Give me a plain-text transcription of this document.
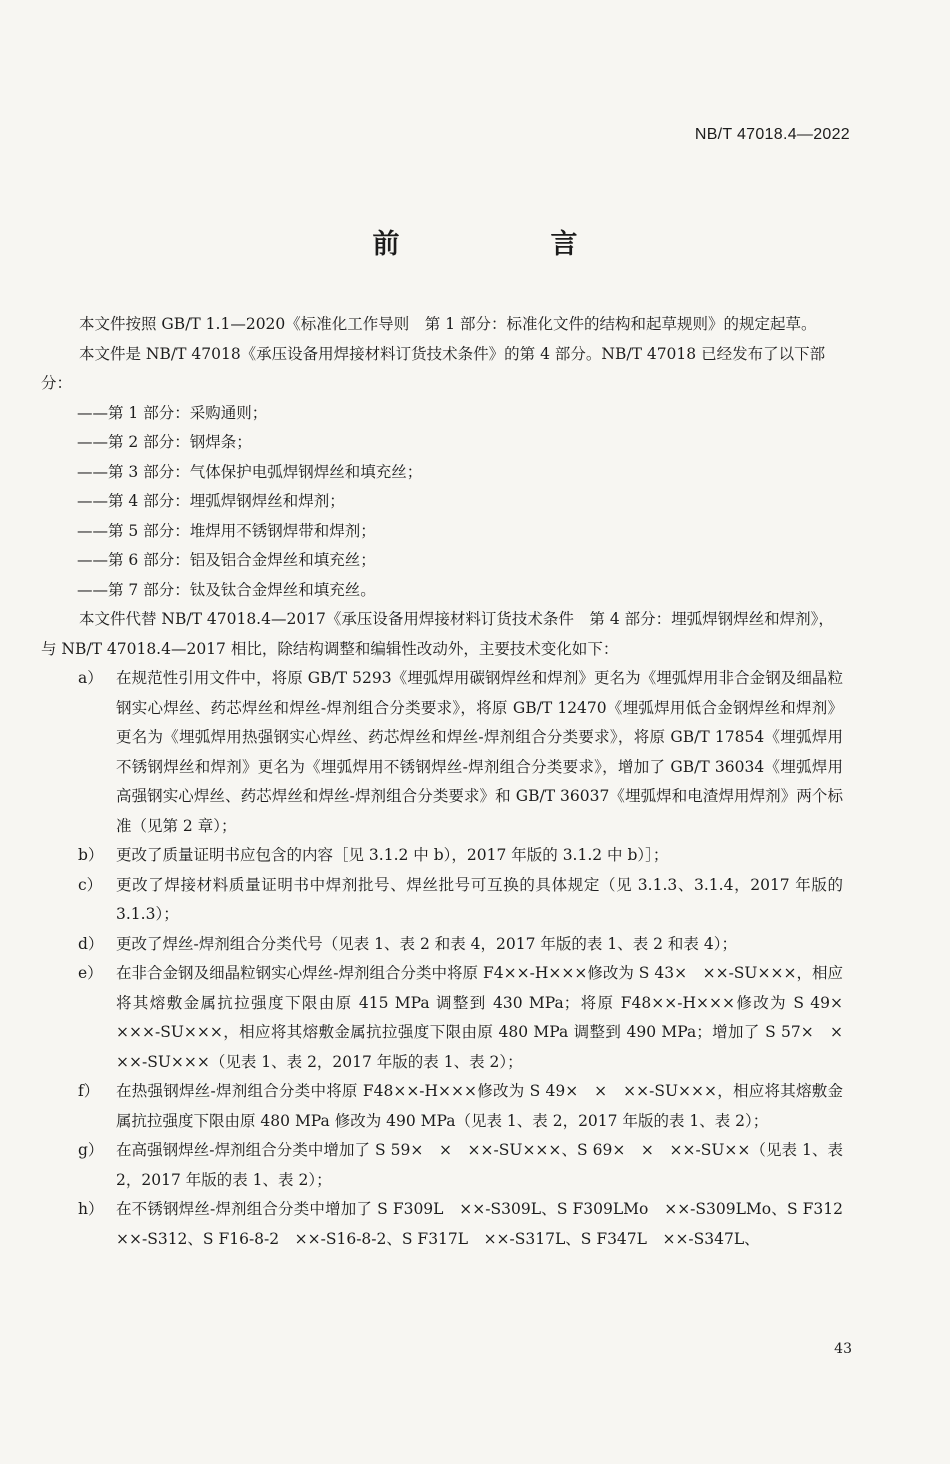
NB/T 47018.4—2022
前　言

本文件按照 GB/T 1.1—2020《标准化工作导则　第 1 部分：标准化文件的结构和起草规则》的规定起草。

本文件是 NB/T 47018《承压设备用焊接材料订货技术条件》的第 4 部分。NB/T 47018 已经发布了以下部分：

——第 1 部分：采购通则；

——第 2 部分：钢焊条；

——第 3 部分：气体保护电弧焊钢焊丝和填充丝；

——第 4 部分：埋弧焊钢焊丝和焊剂；

——第 5 部分：堆焊用不锈钢焊带和焊剂；

——第 6 部分：铝及铝合金焊丝和填充丝；

——第 7 部分：钛及钛合金焊丝和填充丝。

本文件代替 NB/T 47018.4—2017《承压设备用焊接材料订货技术条件　第 4 部分：埋弧焊钢焊丝和焊剂》，与 NB/T 47018.4—2017 相比，除结构调整和编辑性改动外，主要技术变化如下：

a） 在规范性引用文件中，将原 GB/T 5293《埋弧焊用碳钢焊丝和焊剂》更名为《埋弧焊用非合金钢及细晶粒钢实心焊丝、药芯焊丝和焊丝-焊剂组合分类要求》，将原 GB/T 12470《埋弧焊用低合金钢焊丝和焊剂》更名为《埋弧焊用热强钢实心焊丝、药芯焊丝和焊丝-焊剂组合分类要求》，将原 GB/T 17854《埋弧焊用不锈钢焊丝和焊剂》更名为《埋弧焊用不锈钢焊丝-焊剂组合分类要求》，增加了 GB/T 36034《埋弧焊用高强钢实心焊丝、药芯焊丝和焊丝-焊剂组合分类要求》和 GB/T 36037《埋弧焊和电渣焊用焊剂》两个标准（见第 2 章）；
b） 更改了质量证明书应包含的内容［见 3.1.2 中 b），2017 年版的 3.1.2 中 b）］；
c） 更改了焊接材料质量证明书中焊剂批号、焊丝批号可互换的具体规定（见 3.1.3、3.1.4，2017 年版的 3.1.3）；
d） 更改了焊丝-焊剂组合分类代号（见表 1、表 2 和表 4，2017 年版的表 1、表 2 和表 4）；
e） 在非合金钢及细晶粒钢实心焊丝-焊剂组合分类中将原 F4××-H×××修改为 S 43×　××-SU×××，相应将其熔敷金属抗拉强度下限由原 415 MPa 调整到 430 MPa；将原 F48××-H×××修改为 S 49×　×××-SU×××，相应将其熔敷金属抗拉强度下限由原 480 MPa 调整到 490 MPa；增加了 S 57×　×　××-SU×××（见表 1、表 2，2017 年版的表 1、表 2）；
f）	在热强钢焊丝-焊剂组合分类中将原 F48××-H×××修改为 S 49×　×　××-SU×××，相应将其熔敷金属抗拉强度下限由原 480 MPa 修改为 490 MPa（见表 1、表 2，2017 年版的表 1、表 2）；
g） 在高强钢焊丝-焊剂组合分类中增加了 S 59×　×　××-SU×××、S 69×　×　××-SU××（见表 1、表 2，2017 年版的表 1、表 2）；
h） 在不锈钢焊丝-焊剂组合分类中增加了 S F309L　××-S309L、S F309LMo　××-S309LMo、S F312　××-S312、S F16-8-2　××-S16-8-2、S F317L　××-S317L、S F347L　××-S347L、
43
